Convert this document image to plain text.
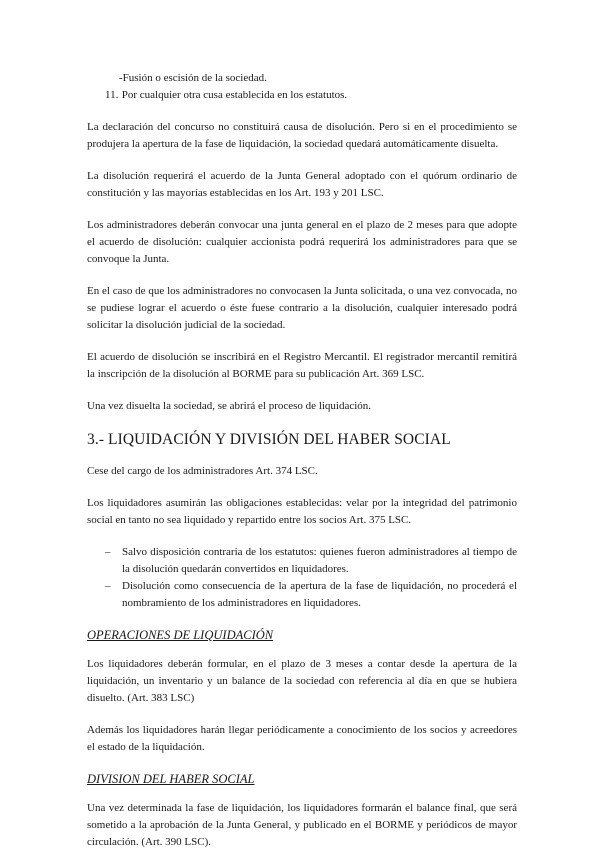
-Fusión o escisión de la sociedad.

11. Por cualquier otra cusa establecida en los estatutos.

La declaración del concurso no constituirá causa de disolución. Pero si en el procedimiento se produjera la apertura de la fase de liquidación, la sociedad quedará automáticamente disuelta.

La disolución requerirá el acuerdo de la Junta General adoptado con el quórum ordinario de constitución y las mayorías establecidas en los Art. 193 y 201 LSC.

Los administradores deberán convocar una junta general en el plazo de 2 meses para que adopte el acuerdo de disolución: cualquier accionista podrá requerirá los administradores para que se convoque la Junta.

En el caso de que los administradores no convocasen la Junta solicitada, o una vez convocada, no se pudiese lograr el acuerdo o éste fuese contrario a la disolución, cualquier interesado podrá solicitar la disolución judicial de la sociedad.

El acuerdo de disolución se inscribirá en el Registro Mercantil. El registrador mercantil remitirá la inscripción de la disolución al BORME para su publicación Art. 369 LSC.

Una vez disuelta la sociedad, se abrirá el proceso de liquidación.

3.- LIQUIDACIÓN Y DIVISIÓN DEL HABER SOCIAL

Cese del cargo de los administradores Art. 374 LSC.

Los liquidadores asumirán las obligaciones establecidas: velar por la integridad del patrimonio social en tanto no sea liquidado y repartido entre los socios Art. 375 LSC.

– Salvo disposición contraria de los estatutos: quienes fueron administradores al tiempo de la disolución quedarán convertidos en liquidadores.
– Disolución como consecuencia de la apertura de la fase de liquidación, no procederá el nombramiento de los administradores en liquidadores.
OPERACIONES DE LIQUIDACIÓN

Los liquidadores deberán formular, en el plazo de 3 meses a contar desde la apertura de la liquidación, un inventario y un balance de la sociedad con referencia al día en que se hubiera disuelto. (Art. 383 LSC)

Además los liquidadores harán llegar periódicamente a conocimiento de los socios y acreedores el estado de la liquidación.

DIVISION DEL HABER SOCIAL

Una vez determinada la fase de liquidación, los liquidadores formarán el balance final, que será sometido a la aprobación de la Junta General, y publicado en el BORME y periódicos de mayor circulación. (Art. 390 LSC).
